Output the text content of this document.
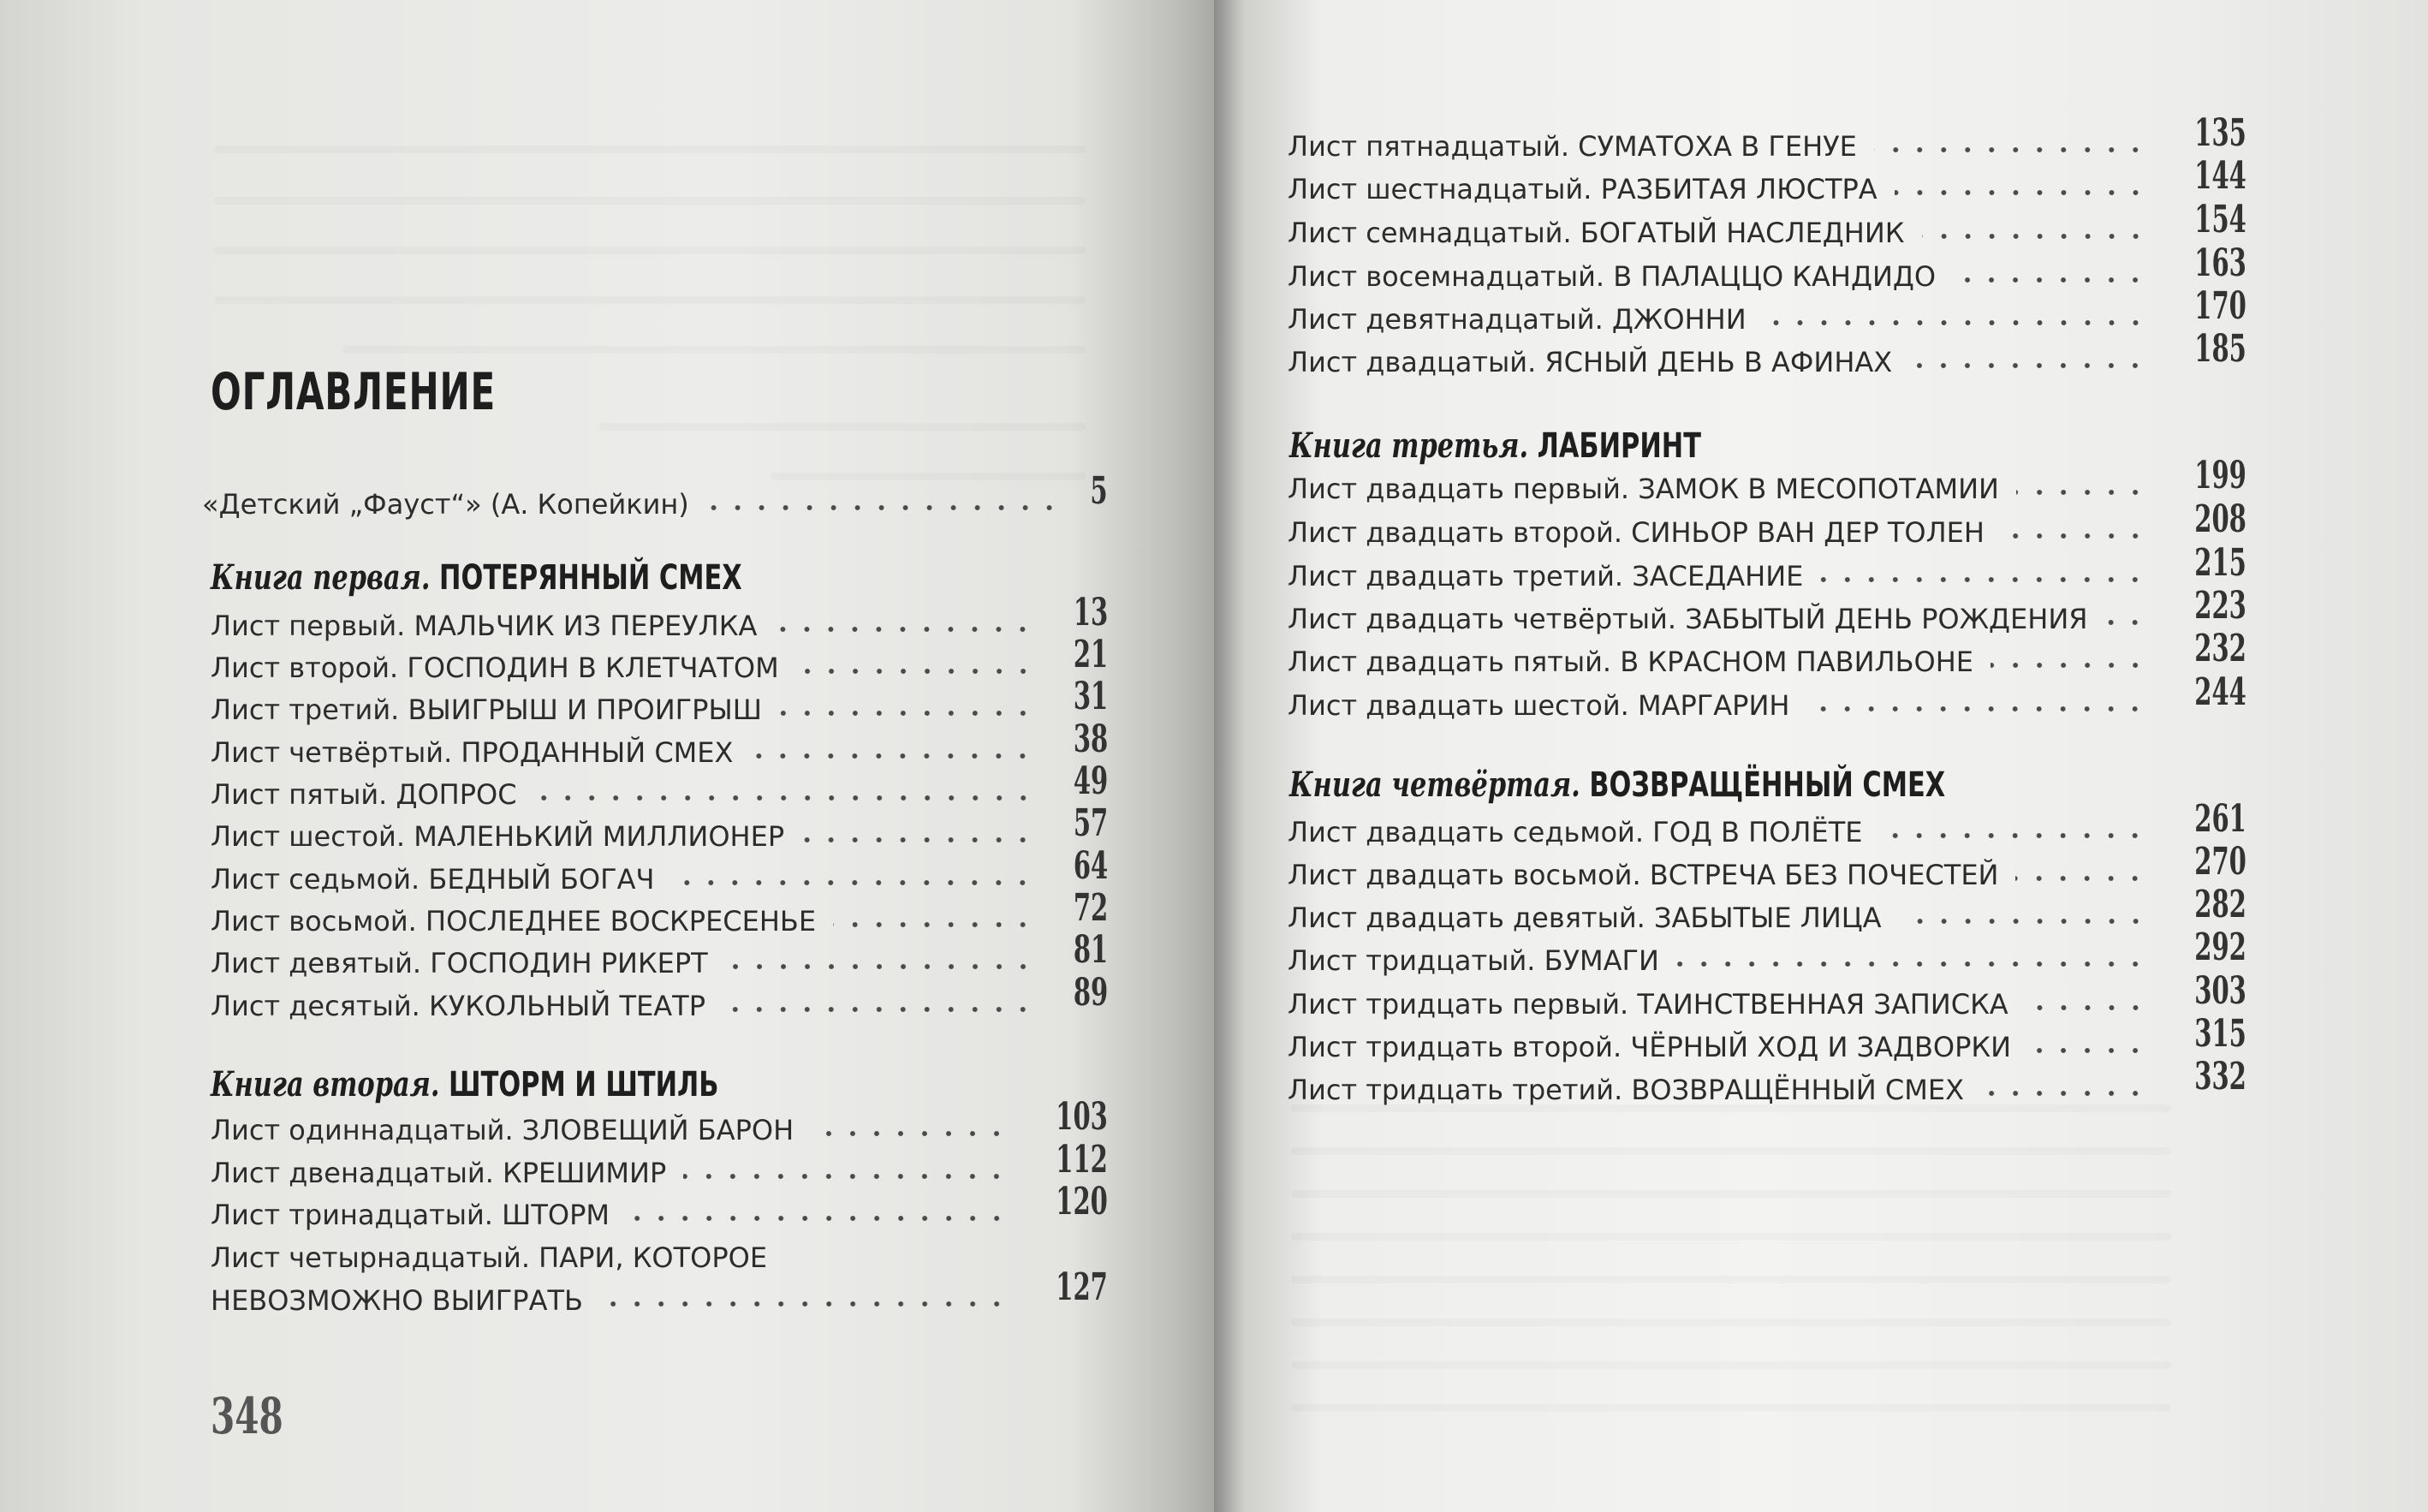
ОГЛАВЛЕНИЕ
«Детский „Фауст“» (А. Копейкин)	5
Книга первая. ПОТЕРЯННЫЙ СМЕХ
Лист первый. МАЛЬЧИК ИЗ ПЕРЕУЛКА	13
Лист второй. ГОСПОДИН В КЛЕТЧАТОМ	21
Лист третий. ВЫИГРЫШ И ПРОИГРЫШ	31
Лист четвёртый. ПРОДАННЫЙ СМЕХ	38
Лист пятый. ДОПРОС	49
Лист шестой. МАЛЕНЬКИЙ МИЛЛИОНЕР	57
Лист седьмой. БЕДНЫЙ БОГАЧ	64
Лист восьмой. ПОСЛЕДНЕЕ ВОСКРЕСЕНЬЕ	72
Лист девятый. ГОСПОДИН РИКЕРТ	81
Лист десятый. КУКОЛЬНЫЙ ТЕАТР	89
Книга вторая. ШТОРМ И ШТИЛЬ
Лист одиннадцатый. ЗЛОВЕЩИЙ БАРОН	103
Лист двенадцатый. КРЕШИМИР	112
Лист тринадцатый. ШТОРМ	120
Лист четырнадцатый. ПАРИ, КОТОРОЕ
НЕВОЗМОЖНО ВЫИГРАТЬ	127
348
Лист пятнадцатый. СУМАТОХА В ГЕНУЕ	135
Лист шестнадцатый. РАЗБИТАЯ ЛЮСТРА	144
Лист семнадцатый. БОГАТЫЙ НАСЛЕДНИК	154
Лист восемнадцатый. В ПАЛАЦЦО КАНДИДО	163
Лист девятнадцатый. ДЖОННИ	170
Лист двадцатый. ЯСНЫЙ ДЕНЬ В АФИНАХ	185
Книга третья. ЛАБИРИНТ
Лист двадцать первый. ЗАМОК В МЕСОПОТАМИИ	199
Лист двадцать второй. СИНЬОР ВАН ДЕР ТОЛЕН	208
Лист двадцать третий. ЗАСЕДАНИЕ	215
Лист двадцать четвёртый. ЗАБЫТЫЙ ДЕНЬ РОЖДЕНИЯ	223
Лист двадцать пятый. В КРАСНОМ ПАВИЛЬОНЕ	232
Лист двадцать шестой. МАРГАРИН	244
Книга четвёртая. ВОЗВРАЩЁННЫЙ СМЕХ
Лист двадцать седьмой. ГОД В ПОЛЁТЕ	261
Лист двадцать восьмой. ВСТРЕЧА БЕЗ ПОЧЕСТЕЙ	270
Лист двадцать девятый. ЗАБЫТЫЕ ЛИЦА	282
Лист тридцатый. БУМАГИ	292
Лист тридцать первый. ТАИНСТВЕННАЯ ЗАПИСКА	303
Лист тридцать второй. ЧЁРНЫЙ ХОД И ЗАДВОРКИ	315
Лист тридцать третий. ВОЗВРАЩЁННЫЙ СМЕХ	332
